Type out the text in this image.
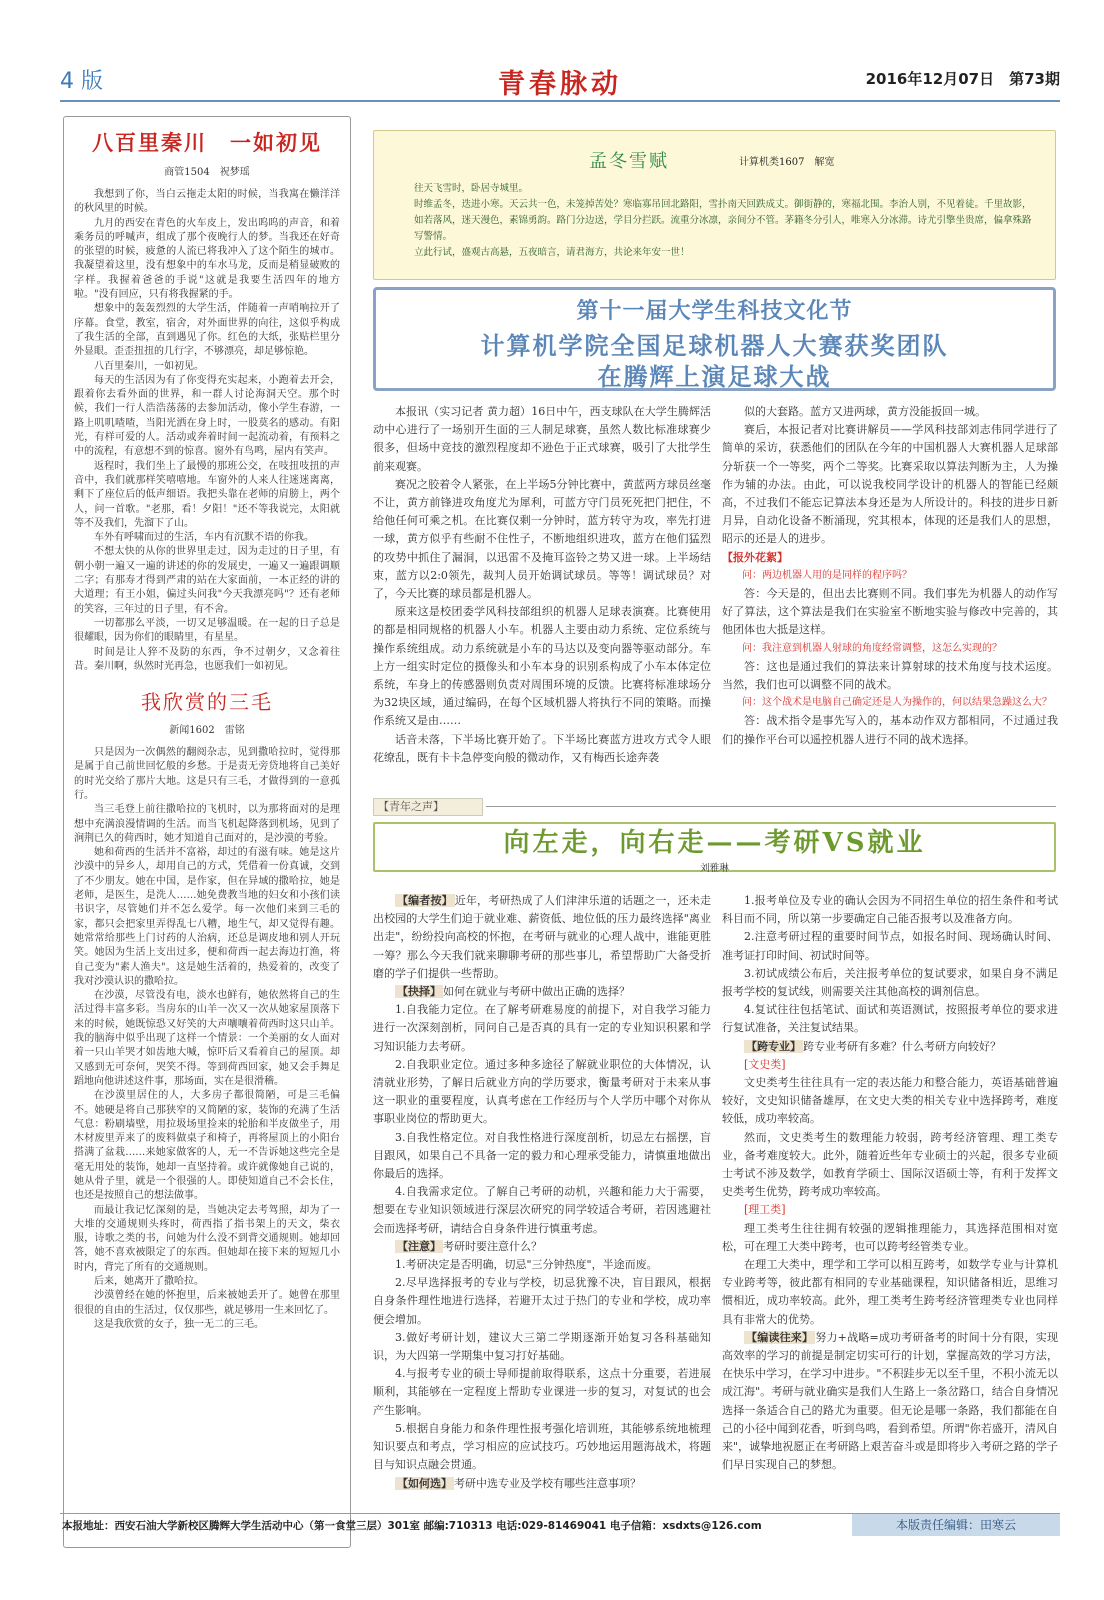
4 版	青春脉动	2016年12月07日　第73期
八百里秦川　一如初见
商管1504　祝梦瑶

我想到了你，当白云拖走太阳的时候，当我寓在懒洋洋的秋风里的时候。

九月的西安在青色的火车皮上，发出呜呜的声音，和着乘务员的呼喊声，组成了那个夜晚行人的梦。当我还在好奇的张望的时候，疲惫的人流已将我冲入了这个陌生的城市。我凝望着这里，没有想象中的车水马龙，反而是稍显破败的字样。我握着爸爸的手说"这就是我要生活四年的地方啦。"没有回应，只有将我握紧的手。

想象中的轰轰烈烈的大学生活，伴随着一声哨响拉开了序幕。食堂，教室，宿舍，对外面世界的向往，这似乎构成了我生活的全部，直到遇见了你。红色的大纸，张贴栏里分外显眼。歪歪扭扭的几行字，不够漂亮，却足够惊艳。

八百里秦川，一如初见。

每天的生活因为有了你变得充实起来，小跑着去开会，跟着你去看外面的世界，和一群人讨论海洞天空。那个时候，我们一行人浩浩荡荡的去参加活动，像小学生春游，一路上叽叽喳喳，当阳光洒在身上时，一股莫名的感动。有阳光，有样可爱的人。活动或奔着时间一起流动着，有预料之中的流程，有意想不到的惊喜。窗外有鸟鸣，屋内有笑声。

返程时，我们坐上了最慢的那班公交，在吱扭吱扭的声音中，我们就那样笑嘻嘻地。车窗外的人来人往迷迷离离，剩下了座位后的低声细语。我把头靠在老师的肩膀上，两个人，问一首歌。"老那，看！夕阳！"还不等我说完，太阳就等不及我们，先溜下了山。

车外有呼啸而过的生活，车内有沉默不语的你我。

不想太快的从你的世界里走过，因为走过的日子里，有朝小朝一遍又一遍的讲述的你的发展史，一遍又一遍跟调顺二字；有那寿才得到严肃的站在大家面前，一本正经的讲的大道理；有王小姐，偏过头问我"今天我漂亮吗"？还有老师的笑容，三年过的日子里，有不舍。

一切都那么平淡，一切又足够温暖。在一起的日子总是很耀眼，因为你们的眼睛里，有星星。

时间是让人猝不及防的东西，争不过朝夕，又念着往昔。秦川啊，纵然时光再急，也愿我们一如初见。

我欣赏的三毛
新闻1602　雷铭

只是因为一次偶然的翻阅杂志，见到撒哈拉时，觉得那是属于自己前世回忆般的乡愁。于是责无旁贷地将自己美好的时光交给了那片大地。这是只有三毛，才做得到的一意孤行。

当三毛登上前往撒哈拉的飞机时，以为那将面对的是理想中充满浪漫情调的生活。而当飞机起降落到机场，见到了涧荆已久的荷西时，她才知道自己面对的，是沙漠的考验。

她和荷西的生活并不富裕，却过的有滋有味。她是这片沙漠中的异乡人，却用自己的方式，凭借着一份真诚，交到了不少朋友。她在中国，是作家，但在异域的撒哈拉，她是老师，是医生，是洗人……她免费教当地的妇女和小孩们读书识字，尽管她们并不怎么爱学。每一次他们来到三毛的家，都只会把家里弄得乱七八糟，地生气，却又觉得有趣。她常常给那些上门讨药的人治病，还总是调皮地和别人开玩笑。她因为生活上支出过多，便和荷西一起去海边打渔，将自己变为"素人渔夫"。这是她生活着的，热爱着的，改变了我对沙漠认识的撒哈拉。

在沙漠，尽管没有电，淡水也鲜有，她依然将自己的生活过得丰富多彩。当房东的山羊一次又一次从她家屋顶落下来的时候，她既惊恐又好笑的大声嚷嚷着荷西时这只山羊。我的脑海中似乎出现了这样一个情景：一个美丽的女人面对着一只山羊哭才如齿地大喊，惊吓后又看着自己的屋顶。却又感到无可奈何，哭笑不得。等到荷西回家，她又会手舞足蹈地向他讲述这件事，那场面，实在是很滑稽。

在沙漠里居住的人，大多房子都很简陋，可是三毛偏不。她硬是将自己那狭窄的又简陋的家，装饰的充满了生活气息：粉刷墙壁，用拉圾场里捡来的轮胎和半皮做坐子，用木材废里弄来了的废料做桌子和椅子，再将屋顶上的小阳台搭满了盆栽……来她家做客的人，无一不告诉她这些完全是毫无用处的装饰，她却一直坚持着。或许就像她自己说的，她从骨子里，就是一个很强的人。即使知道自己不会长住，也还是按照自己的想法做事。

而最让我记忆深刻的是，当她决定去考驾照，却为了一大堆的交通规则头疼时，荷西指了指书架上的天文，柴衣服，诗歌之类的书，问她为什么没不到背交通规则。她却回答，她不喜欢被限定了的东西。但她却在接下来的短短几小时内，背完了所有的交通规则。

后来，她离开了撒哈拉。

沙漠曾经在她的怀抱里，后来被她丢开了。她曾在那里很很的自由的生活过，仅仅那些，就足够用一生来回忆了。

这是我欣赏的女子，独一无二的三毛。

孟冬雪赋	计算机类1607　解宽
往天飞雪时，卧居寺城里。
时维孟冬，迭进小寒。天云共一色，未笼掉苦处？寒临寡吊回北路阳，雪扑南天回跌成丈。御街静的，寒福北围。李治人别，不见着徒。千里故影，如若落风，迷天漫色，素锦勇韵。路门分边送，学目分拦跃。流重分冰凛，亲间分不管。茅籍冬分引人，唯寒入分冰滞。诗尤引擎坐贵席，偏拿殊路写警情。
立此行试，盛观古高悬，五夜暗言，请君海方，共论来年安一世！
第十一届大学生科技文化节
计算机学院全国足球机器人大赛获奖团队
在腾辉上演足球大战

本报讯（实习记者 黄力超）16日中午，西支球队在大学生腾辉活动中心进行了一场别开生面的三人制足球赛，虽然人数比标准球赛少很多，但场中竞技的激烈程度却不逊色于正式球赛，吸引了大批学生前来观赛。

赛况之胶着令人紧张，在上半场5分钟比赛中，黄蓝两方球员丝毫不让，黄方前锋进攻角度尤为犀利，可蓝方守门员死死把门把住，不给他任何可乘之机。在比赛仅剩一分钟时，蓝方转守为攻，率先打进一球，黄方似乎有些耐不住性子，不断地组织进攻，蓝方在他们猛烈的攻势中抓住了漏洞，以迅雷不及掩耳盗铃之势又进一球。上半场结束，蓝方以2:0领先，裁判人员开始调试球员。等等！调试球员？对了，今天比赛的球员都是机器人。

原来这是校团委学风科技部组织的机器人足球表演赛。比赛使用的都是相同规格的机器人小车。机器人主要由动力系统、定位系统与操作系统组成。动力系统就是小车的马达以及变向器等驱动部分。车上方一组实时定位的摄像头和小车本身的识别系构成了小车本体定位系统，车身上的传感器则负责对周围环境的反馈。比赛将标准球场分为32块区域，通过编码，在每个区域机器人将执行不同的策略。而操作系统又是由……

话音未落，下半场比赛开始了。下半场比赛蓝方进攻方式令人眼花缭乱，既有卡卡急停变向般的微动作，又有梅西长途奔袭

似的大套路。蓝方又进两球，黄方没能扳回一城。

赛后，本报记者对比赛讲解员——学风科技部刘志伟同学进行了简单的采访，获悉他们的团队在今年的中国机器人大赛机器人足球部分斩获一个一等奖，两个二等奖。比赛采取以算法判断为主，人为操作为辅的办法。由此，可以说我校同学设计的机器人的智能已经颇高，不过我们不能忘记算法本身还是为人所设计的。科技的进步日新月异，自动化设备不断涌现，究其根本，体现的还是我们人的思想，昭示的还是人的进步。

【报外花絮】

问：两边机器人用的是同样的程序吗？

答：今天是的，但出去比赛则不同。我们事先为机器人的动作写好了算法，这个算法是我们在实验室不断地实验与修改中完善的，其他团体也大抵是这样。

问：我注意到机器人射球的角度经常调整，这怎么实现的？

答：这也是通过我们的算法来计算射球的技术角度与技术运度。当然，我们也可以调整不同的战术。

问：这个战术是电脑自己确定还是人为操作的，何以结果急躁这么大？

答：战术指令是事先写入的，基本动作双方都相同，不过通过我们的操作平台可以遥控机器人进行不同的战术选择。

【青年之声】
向左走，向右走——考研VS就业
刘雅琳

【编者按】 近年，考研热成了人们津津乐道的话题之一，还未走出校园的大学生们迫于就业难、薪资低、地位低的压力最终选择"离业出走"，纷纷投向高校的怀抱，在考研与就业的心理人战中，谁能更胜一筹？那么今天我们就来聊聊考研的那些事儿，希望帮助广大备受折磨的学子们提供一些帮助。

【抉择】 如何在就业与考研中做出正确的选择？

1.自我能力定位。在了解考研难易度的前提下，对自我学习能力进行一次深刻剖析，同问自己是否真的具有一定的专业知识积累和学习知识能力去考研。

2.自我职业定位。通过多种多途径了解就业职位的大体情况，认清就业形势，了解日后就业方向的学历要求，衡量考研对于未来从事这一职业的重要程度，认真考虑在工作经历与个人学历中哪个对你从事职业岗位的帮助更大。

3.自我性格定位。对自我性格进行深度剖析，切忌左右摇摆，盲目跟风，如果自己不具备一定的毅力和心理承受能力，请慎重地做出你最后的选择。

4.自我需求定位。了解自己考研的动机，兴趣和能力大于需要，想要在专业知识领域进行深层次研究的同学较适合考研，若因逃避社会而选择考研，请结合自身条件进行慎重考虑。

【注意】 考研时要注意什么？

1.考研决定是否明确，切忌"三分钟热度"，半途而废。

2.尽早选择报考的专业与学校，切忌犹豫不决，盲目跟风，根据自身条件理性地进行选择，若避开太过于热门的专业和学校，成功率便会增加。

3.做好考研计划，建议大三第二学期逐渐开始复习各科基础知识，为大四第一学期集中复习打好基础。

4.与报考专业的硕士导师提前取得联系，这点十分重要，若进展顺利，其能够在一定程度上帮助专业课进一步的复习，对复试的也会产生影响。

5.根据自身能力和条件理性报考强化培训班，其能够系统地梳理知识要点和考点，学习相应的应试技巧。巧妙地运用题海战术，将题目与知识点融会贯通。

【如何选】 考研中选专业及学校有哪些注意事项？

1.报考单位及专业的确认会因为不同招生单位的招生条件和考试科目而不同，所以第一步要确定自己能否报考以及准备方向。

2.注意考研过程的重要时间节点，如报名时间、现场确认时间、准考证打印时间、初试时间等。

3.初试成绩公布后，关注报考单位的复试要求，如果自身不满足报考学校的复试线，则需要关注其他高校的调剂信息。

4.复试往往包括笔试、面试和英语测试，按照报考单位的要求进行复试准备，关注复试结果。

【跨专业】 跨专业考研有多难？什么考研方向较好？

[文史类]

文史类考生往往具有一定的表达能力和整合能力，英语基础普遍较好，文史知识储备雄厚，在文史大类的相关专业中选择跨考，难度较低，成功率较高。

然而，文史类考生的数理能力较弱，跨考经济管理、理工类专业，备考难度较大。此外，随着近些年专业硕士的兴起，很多专业硕士考试不涉及数学，如教育学硕士、国际汉语硕士等，有利于发挥文史类考生优势，跨考成功率较高。

[理工类]

理工类考生往往拥有较强的逻辑推理能力，其选择范围相对宽松，可在理工大类中跨考，也可以跨考经管类专业。

在理工大类中，理学和工学可以相互跨考，如数学专业与计算机专业跨考等，彼此都有相同的专业基础课程，知识储备相近，思维习惯相近，成功率较高。此外，理工类考生跨考经济管理类专业也同样具有非常大的优势。

【编读往来】 努力+战略=成功考研备考的时间十分有限，实现高效率的学习的前提是制定切实可行的计划，掌握高效的学习方法，在快乐中学习，在学习中进步。"不积跬步无以至千里，不积小流无以成江海"。考研与就业确实是我们人生路上一条岔路口，结合自身情况选择一条适合自己的路尤为重要。但无论是哪一条路，我们都能在自己的小径中闻到花香，听到鸟鸣，看到希望。所谓"你若盛开，清风自来"，诚挚地祝愿正在考研路上艰苦奋斗或是即将步入考研之路的学子们早日实现自己的梦想。

本报地址：西安石油大学新校区腾辉大学生活动中心（第一食堂三层）301室 邮编:710313 电话:029-81469041 电子信箱：xsdxts@126.com	本版责任编辑：田寒云
